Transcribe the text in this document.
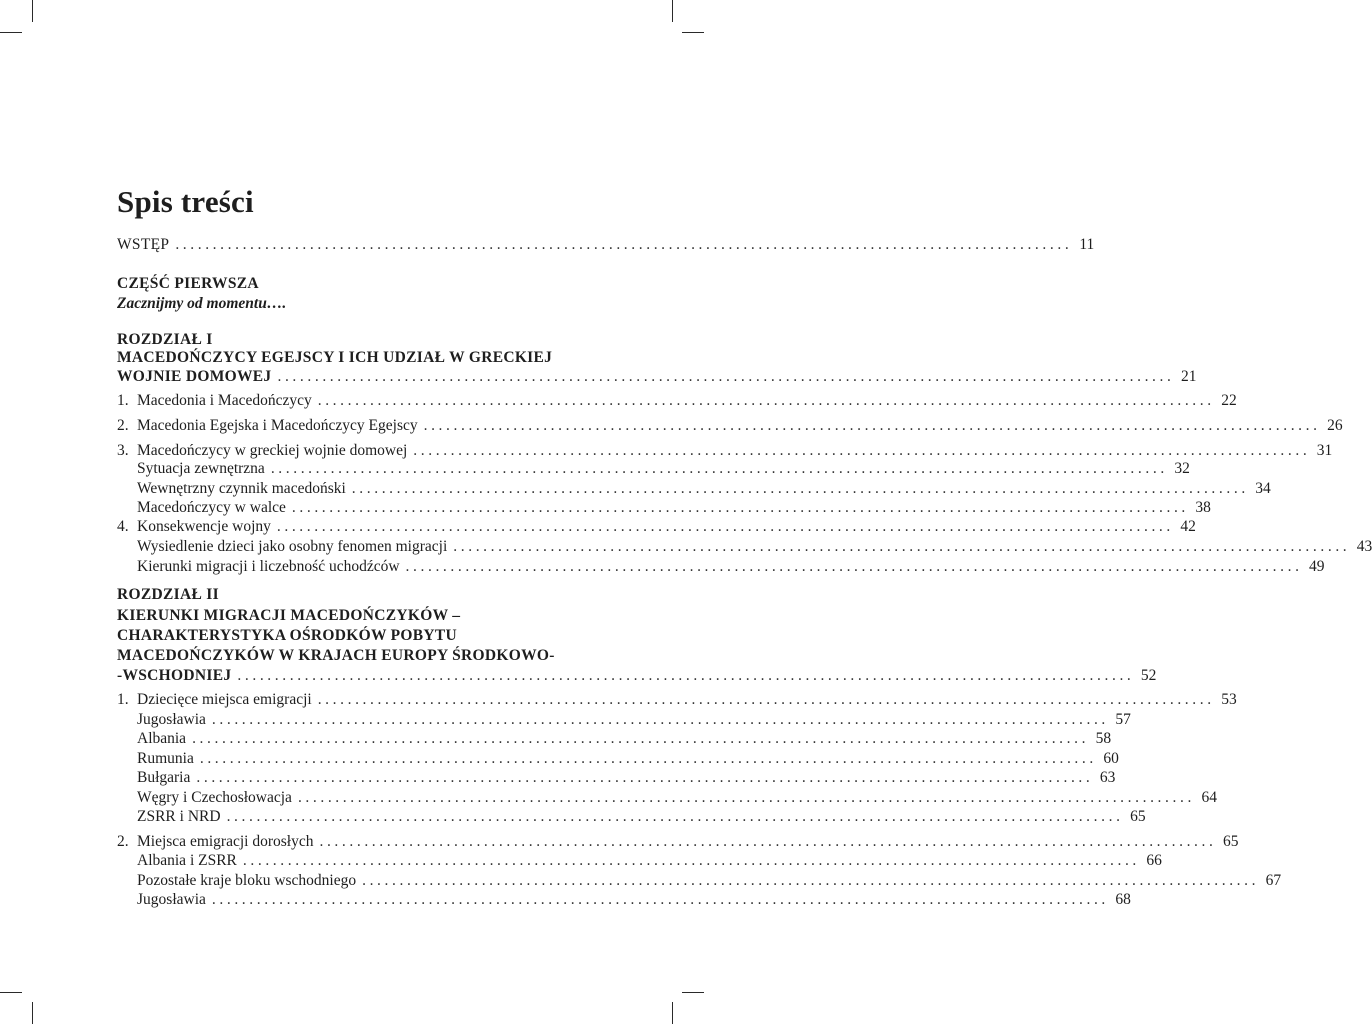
Spis treści
WSTĘP ........................................................................................................................ 11
CZĘŚĆ PIERWSZA
Zacznijmy od momentu….
ROZDZIAŁ I
MACEDOŃCZYCY EGEJSCY I ICH UDZIAŁ W GRECKIEJ
WOJNIE DOMOWEJ ........................................................................................................................ 21
1. Macedonia i Macedończycy ........................................................................................................................ 22
2. Macedonia Egejska i Macedończycy Egejscy ........................................................................................................................ 26
3. Macedończycy w greckiej wojnie domowej ........................................................................................................................ 31
Sytuacja zewnętrzna ........................................................................................................................ 32
Wewnętrzny czynnik macedoński ........................................................................................................................ 34
Macedończycy w walce ........................................................................................................................ 38
4. Konsekwencje wojny ........................................................................................................................ 42
Wysiedlenie dzieci jako osobny fenomen migracji ........................................................................................................................ 43
Kierunki migracji i liczebność uchodźców ........................................................................................................................ 49
ROZDZIAŁ II
KIERUNKI MIGRACJI MACEDOŃCZYKÓW –
CHARAKTERYSTYKA OŚRODKÓW POBYTU
MACEDOŃCZYKÓW W KRAJACH EUROPY ŚRODKOWO-
-WSCHODNIEJ ........................................................................................................................ 52
1. Dziecięce miejsca emigracji ........................................................................................................................ 53
Jugosławia ........................................................................................................................ 57
Albania ........................................................................................................................ 58
Rumunia ........................................................................................................................ 60
Bułgaria ........................................................................................................................ 63
Węgry i Czechosłowacja ........................................................................................................................ 64
ZSRR i NRD ........................................................................................................................ 65
2. Miejsca emigracji dorosłych ........................................................................................................................ 65
Albania i ZSRR ........................................................................................................................ 66
Pozostałe kraje bloku wschodniego ........................................................................................................................ 67
Jugosławia ........................................................................................................................ 68
